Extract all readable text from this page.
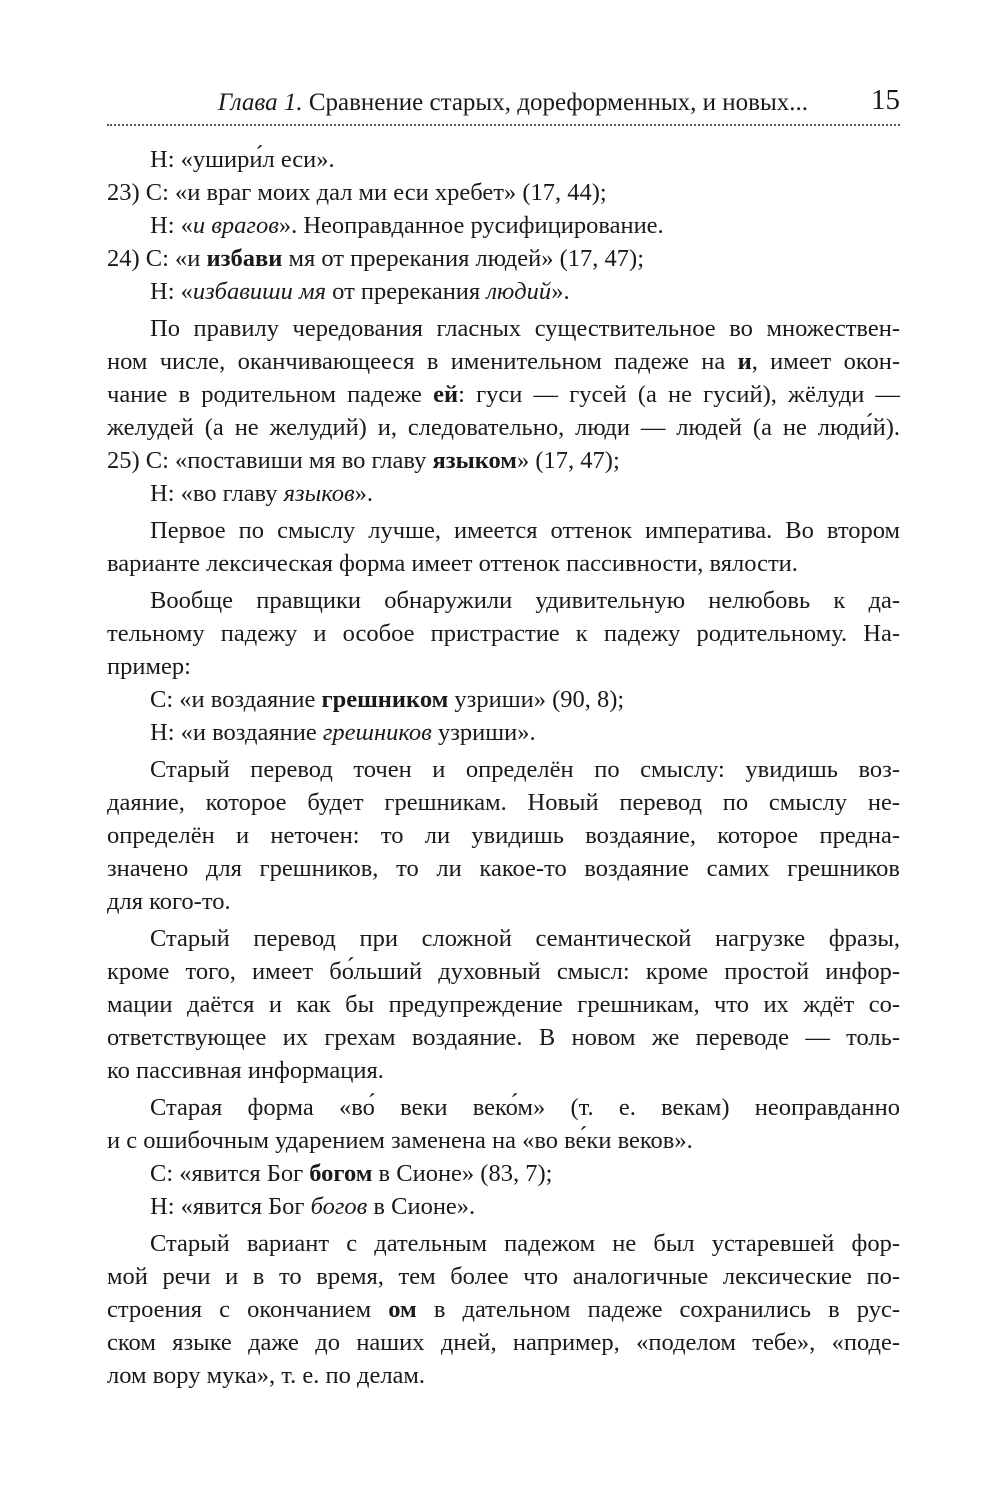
Глава 1. Сравнение старых, дореформенных, и новых... 15
Н: «ушири́л еси».
23) С: «и враг моих дал ми еси хребет» (17, 44);
Н: «и врагов». Неоправданное русифицирование.
24) С: «и избави мя от пререкания людей» (17, 47);
Н: «избавиши мя от пререкания людий».
По правилу чередования гласных существительное во множествен-
ном числе, оканчивающееся в именительном падеже на и, имеет окон-
чание в родительном падеже ей: гуси — гусей (а не гусий), жёлуди —
желудей (а не желудий) и, следовательно, люди — людей (а не люди́й).
25) С: «поставиши мя во главу языком» (17, 47);
Н: «во главу языков».
Первое по смыслу лучше, имеется оттенок императива. Во втором
варианте лексическая форма имеет оттенок пассивности, вялости.
Вообще правщики обнаружили удивительную нелюбовь к да-
тельному падежу и особое пристрастие к падежу родительному. На-
пример:
С: «и воздаяние грешником узриши» (90, 8);
Н: «и воздаяние грешников узриши».
Старый перевод точен и определён по смыслу: увидишь воз-
даяние, которое будет грешникам. Новый перевод по смыслу не-
определён и неточен: то ли увидишь воздаяние, которое предна-
значено для грешников, то ли какое-то воздаяние самих грешников
для кого-то.
Старый перевод при сложной семантической нагрузке фразы,
кроме того, имеет бо́льший духовный смысл: кроме простой инфор-
мации даётся и как бы предупреждение грешникам, что их ждёт со-
ответствующее их грехам воздаяние. В новом же переводе — толь-
ко пассивная информация.
Старая форма «во́ веки веко́м» (т. е. векам) неоправданно
и с ошибочным ударением заменена на «во ве́ки веков».
С: «явится Бог богом в Сионе» (83, 7);
Н: «явится Бог богов в Сионе».
Старый вариант с дательным падежом не был устаревшей фор-
мой речи и в то время, тем более что аналогичные лексические по-
строения с окончанием ом в дательном падеже сохранились в рус-
ском языке даже до наших дней, например, «поделом тебе», «поде-
лом вору мука», т. е. по делам.
